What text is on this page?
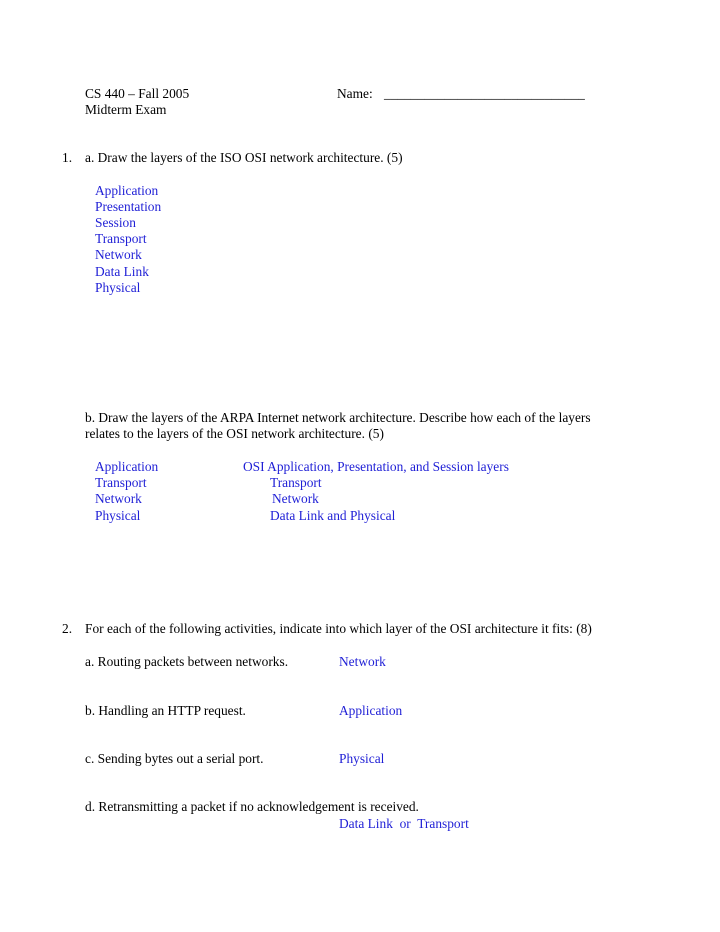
CS 440 – Fall 2005
Midterm Exam
Name: ______________________________
1. a. Draw the layers of the ISO OSI network architecture. (5)
Application
Presentation
Session
Transport
Network
Data Link
Physical
b. Draw the layers of the ARPA Internet network architecture. Describe how each of the layers
relates to the layers of the OSI network architecture. (5)
Application	OSI Application, Presentation, and Session layers
Transport	Transport
Network	Network
Physical	Data Link and Physical
2. For each of the following activities, indicate into which layer of the OSI architecture it fits: (8)
a. Routing packets between networks.	Network
b. Handling an HTTP request.	Application
c. Sending bytes out a serial port.	Physical
d. Retransmitting a packet if no acknowledgement is received.
Data Link  or  Transport
